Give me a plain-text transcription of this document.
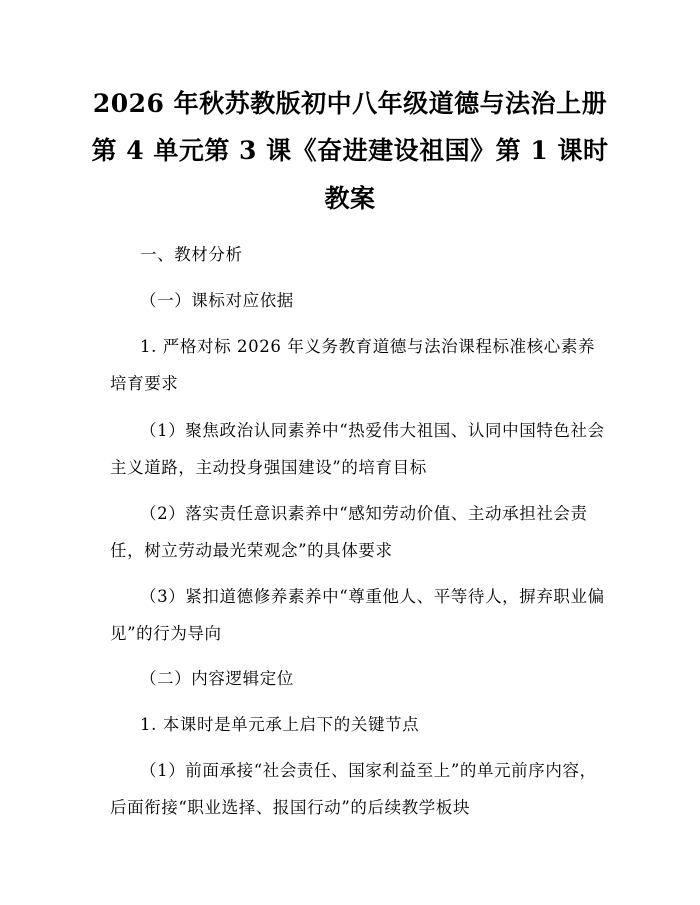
2026 年秋苏教版初中八年级道德与法治上册
第 4 单元第 3 课《奋进建设祖国》第 1 课时
教案
一、教材分析
（一）课标对应依据
1. 严格对标 2026 年义务教育道德与法治课程标准核心素养培育要求
（1）聚焦政治认同素养中“热爱伟大祖国、认同中国特色社会主义道路，主动投身强国建设”的培育目标
（2）落实责任意识素养中“感知劳动价值、主动承担社会责任，树立劳动最光荣观念”的具体要求
（3）紧扣道德修养素养中“尊重他人、平等待人，摒弃职业偏见”的行为导向
（二）内容逻辑定位
1. 本课时是单元承上启下的关键节点
（1）前面承接“社会责任、国家利益至上”的单元前序内容，后面衔接“职业选择、报国行动”的后续教学板块
